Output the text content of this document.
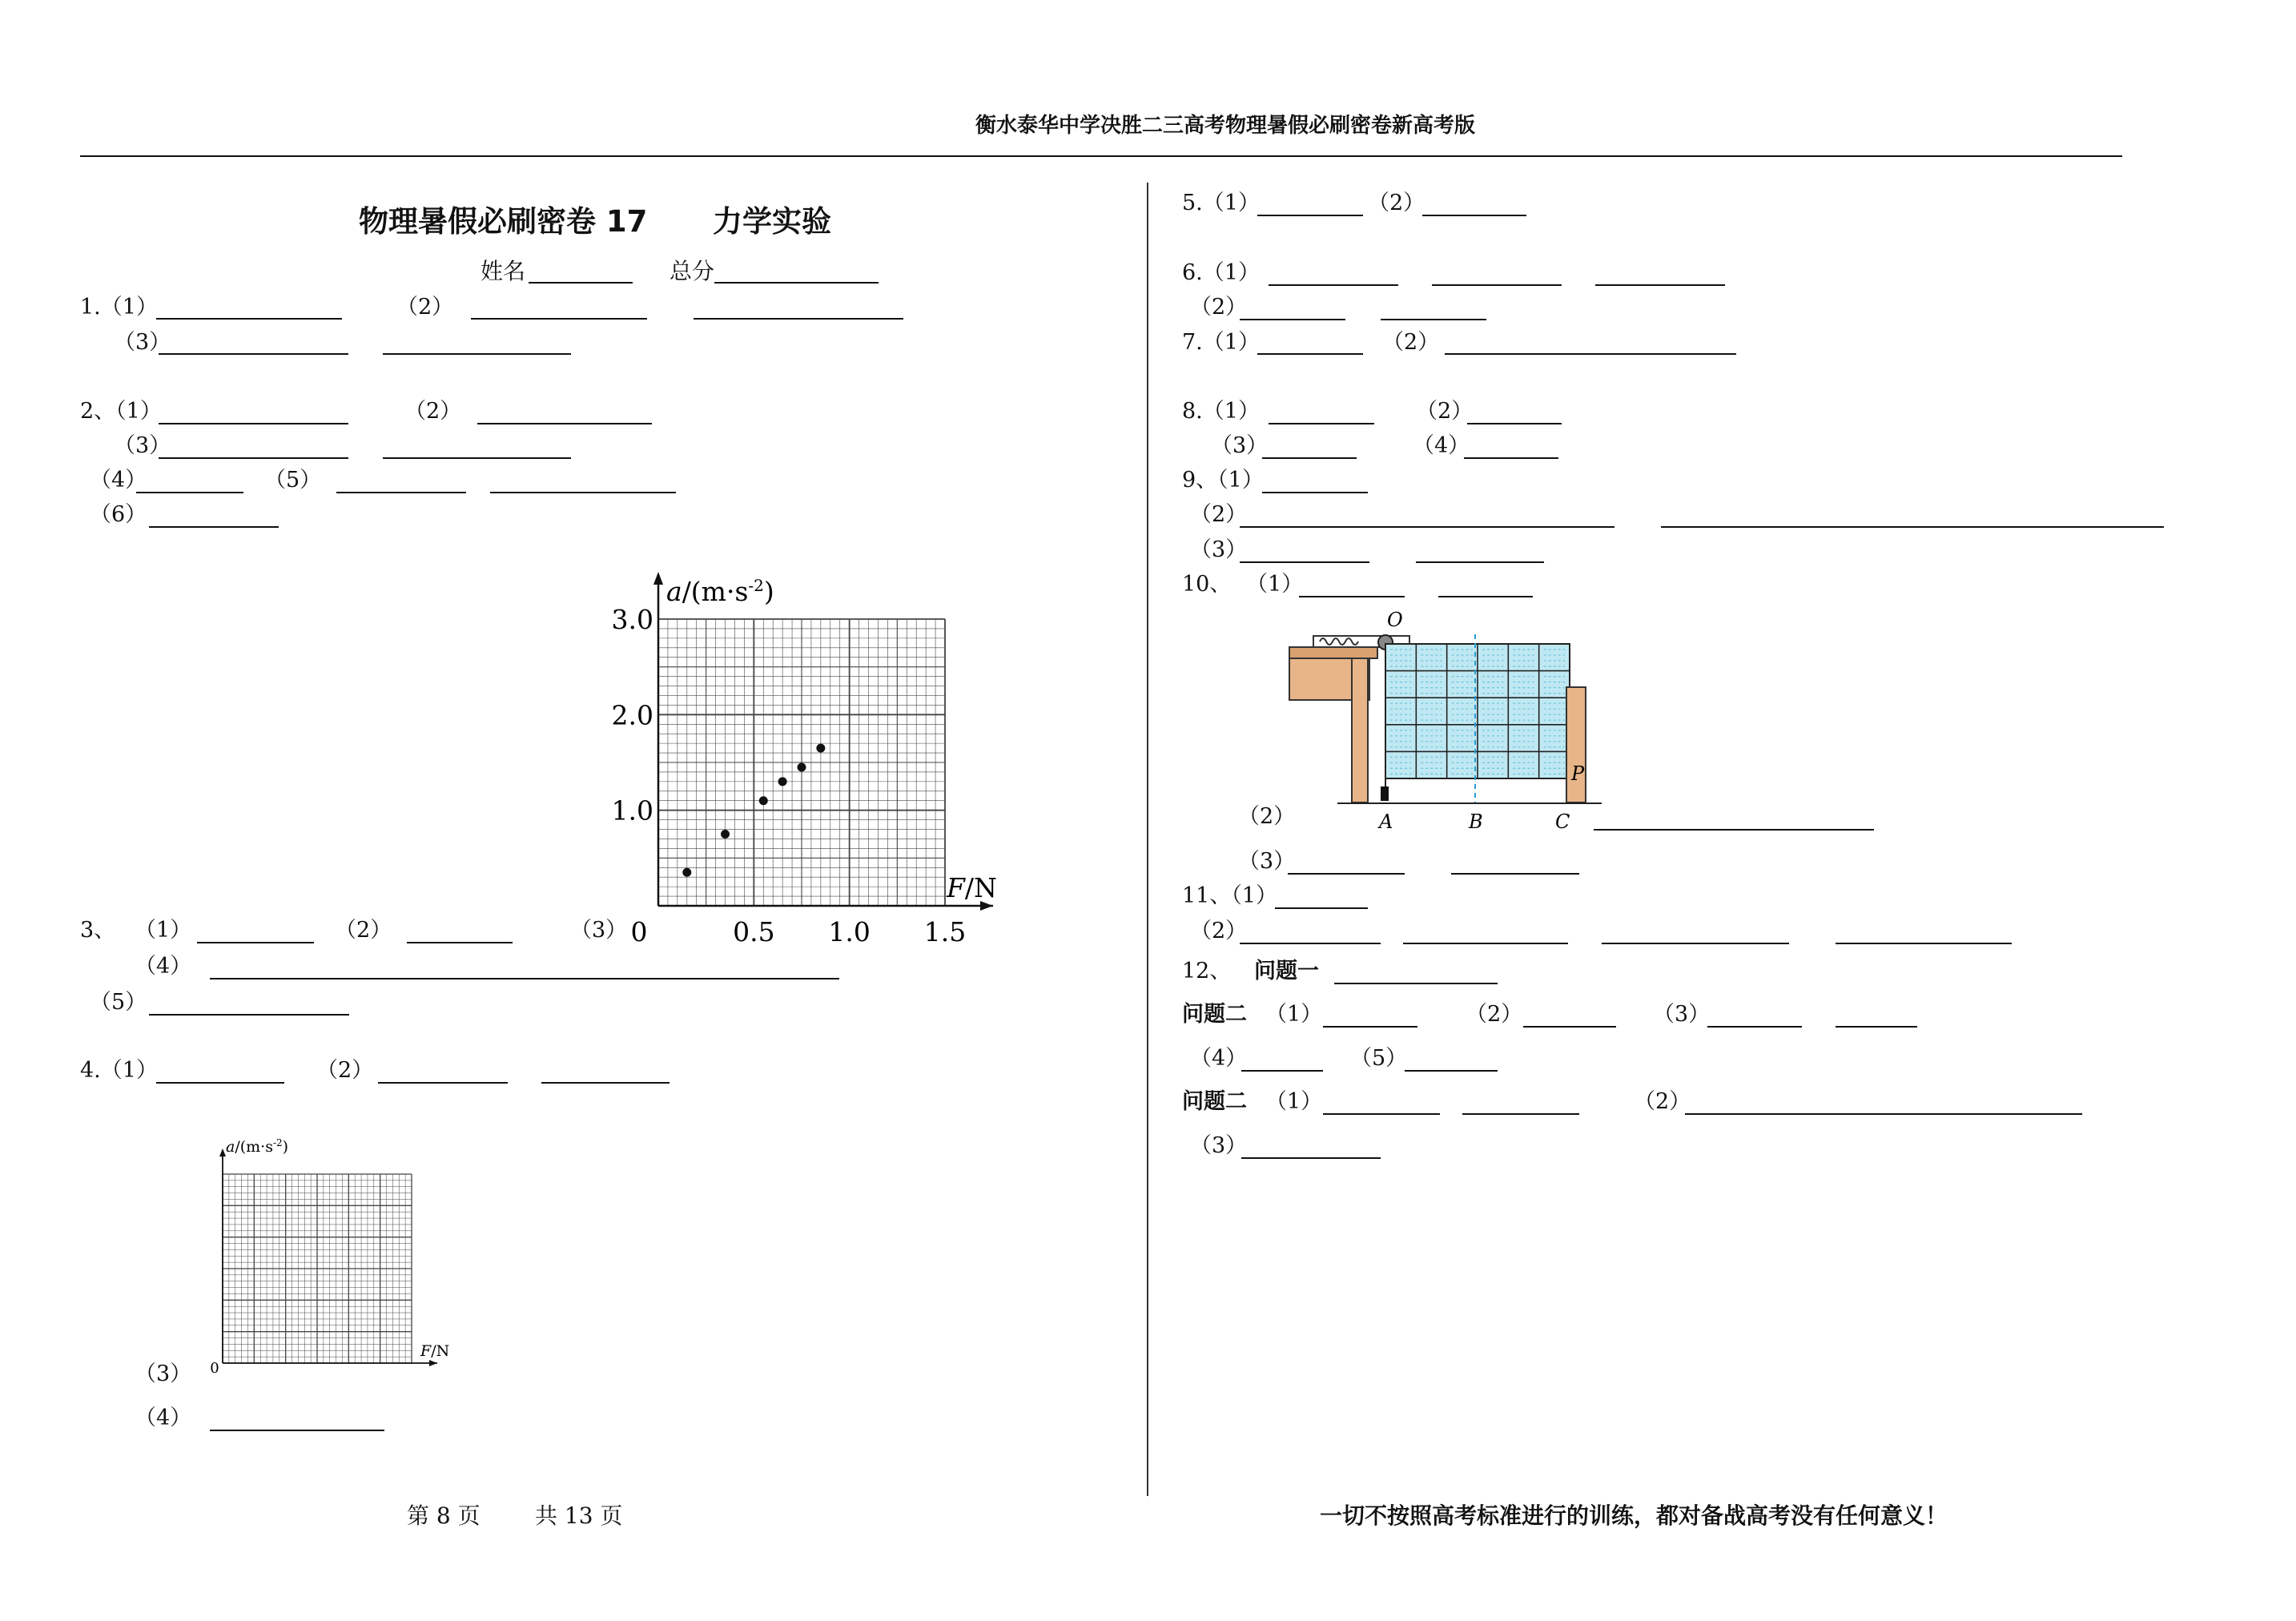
衡水泰华中学决胜二三高考物理暑假必刷密卷新高考版
物理暑假必刷密卷 17 力学实验
姓名	总分
1.（1）	（2）
（3）
2、（1）	（2）
（3）
（4）	（5）
（6）
3.0
2.0
1.0
0.5 1.0 1.5
0
$a/(m\cdot s^{-2})$
F/N
3、 （1）	（2）	（3）
（4）
（5）
4.（1）	（2）
0
$a/(m\cdot s^{-2})$
F/N
（3）
（4）
第 8 页 共 13 页
5.（1）	（2）
6.（1）
（2）
7.（1）	（2）
8.（1）	（2）
（3）	（4）
9、（1）
（2）
（3）
10、 （1）
O
P
A	B	C
（2）
（3）
11、（1）
（2）
12、 问题一
问题二 （1）	（2）	（3）
（4）	（5）
问题二 （1）	（2）
（3）
一切不按照高考标准进行的训练，都对备战高考没有任何意义！
